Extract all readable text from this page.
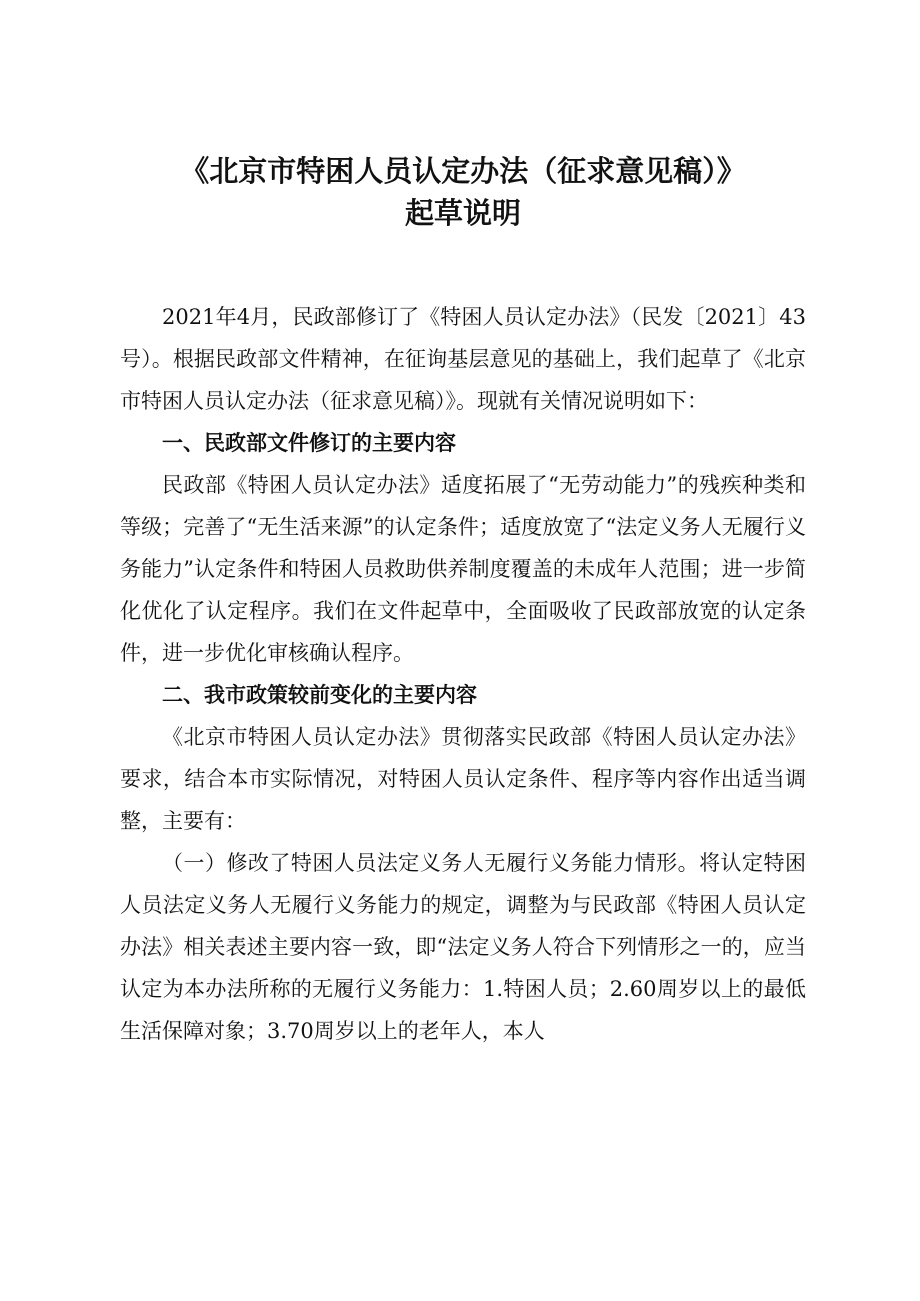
《北京市特困人员认定办法（征求意见稿）》
起草说明

2021年4月，民政部修订了《特困人员认定办法》（民发〔2021〕43号）。根据民政部文件精神，在征询基层意见的基础上，我们起草了《北京市特困人员认定办法（征求意见稿）》。现就有关情况说明如下：

一、民政部文件修订的主要内容

民政部《特困人员认定办法》适度拓展了“无劳动能力”的残疾种类和等级；完善了“无生活来源”的认定条件；适度放宽了“法定义务人无履行义务能力”认定条件和特困人员救助供养制度覆盖的未成年人范围；进一步简化优化了认定程序。我们在文件起草中，全面吸收了民政部放宽的认定条件，进一步优化审核确认程序。

二、我市政策较前变化的主要内容

《北京市特困人员认定办法》贯彻落实民政部《特困人员认定办法》要求，结合本市实际情况，对特困人员认定条件、程序等内容作出适当调整，主要有：

（一）修改了特困人员法定义务人无履行义务能力情形。将认定特困人员法定义务人无履行义务能力的规定，调整为与民政部《特困人员认定办法》相关表述主要内容一致，即“法定义务人符合下列情形之一的，应当认定为本办法所称的无履行义务能力：1.特困人员；2.60周岁以上的最低生活保障对象；3.70周岁以上的老年人，本人
